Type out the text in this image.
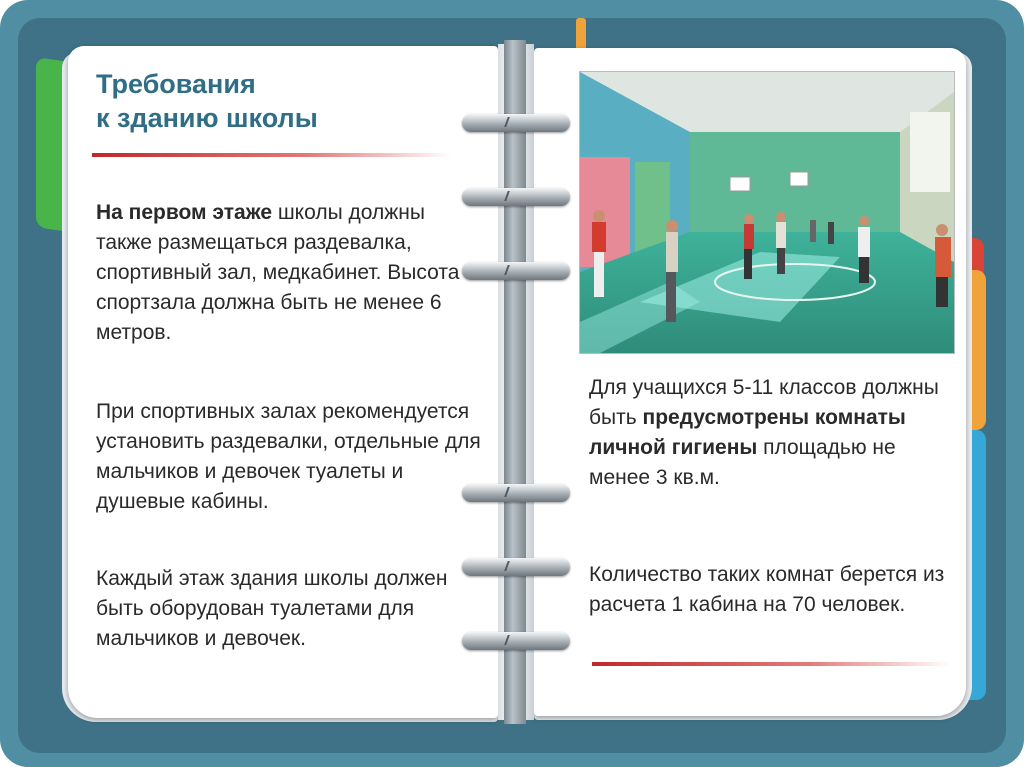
Требования
к зданию школы

На первом этаже школы должны также размещаться раздевалка, спортивный зал, медкабинет. Высота спортзала должна быть не менее 6 метров.

При спортивных залах рекомендуется установить раздевалки, отдельные для мальчиков и девочек туалеты и душевые кабины.

Каждый этаж здания школы должен быть оборудован туалетами для мальчиков и девочек.

Для учащихся 5-11 классов должны быть предусмотрены комнаты личной гигиены площадью не менее 3 кв.м.

Количество таких комнат берется из расчета 1 кабина на 70 человек.
